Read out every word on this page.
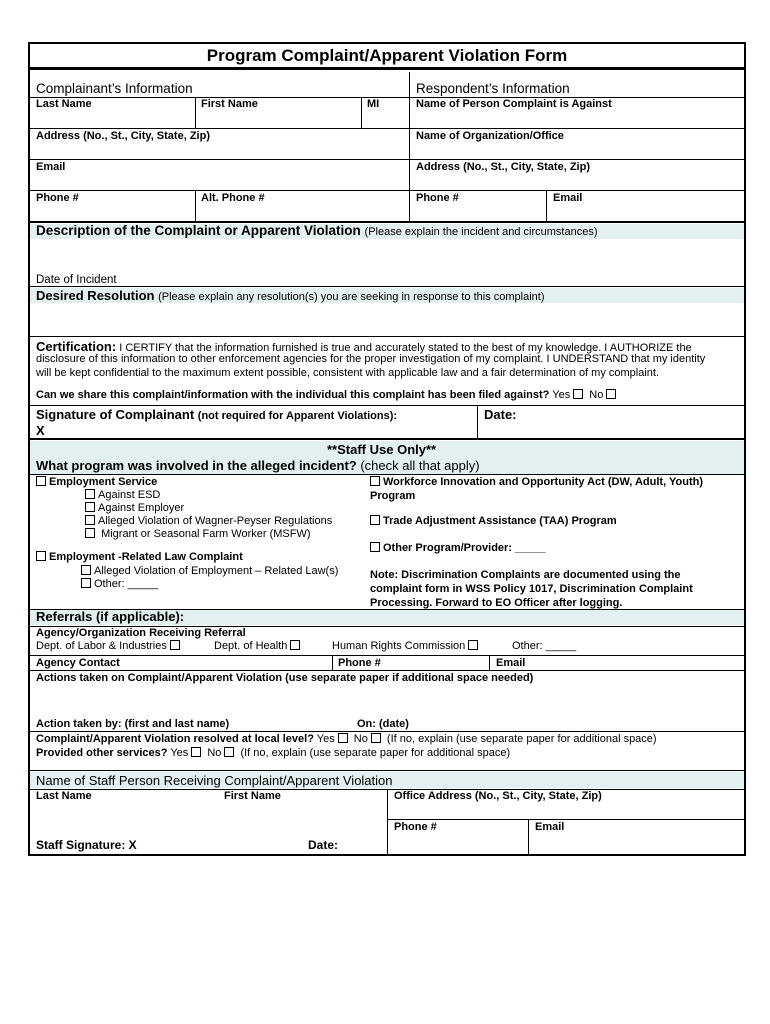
Program Complaint/Apparent Violation Form
Complainant’s Information	Respondent’s Information
Last Name	First Name	MI	Name of Person Complaint is Against
Address (No., St., City, State, Zip)	Name of Organization/Office
Email	Address (No., St., City, State, Zip)
Phone #	Alt. Phone #	Phone #	Email
Description of the Complaint or Apparent Violation (Please explain the incident and circumstances)
Date of Incident
Desired Resolution (Please explain any resolution(s) you are seeking in response to this complaint)
Certification: I CERTIFY that the information furnished is true and accurately stated to the best of my knowledge. I AUTHORIZE the
disclosure of this information to other enforcement agencies for the proper investigation of my complaint. I UNDERSTAND that my identity
will be kept confidential to the maximum extent possible, consistent with applicable law and a fair determination of my complaint.
Can we share this complaint/information with the individual this complaint has been filed against? Yes No
Signature of Complainant (not required for Apparent Violations):
X
Date:
**Staff Use Only**
What program was involved in the alleged incident? (check all that apply)
Employment Service
Against ESD
Against Employer
Alleged Violation of Wagner-Peyser Regulations
Migrant or Seasonal Farm Worker (MSFW)
Employment -Related Law Complaint
Alleged Violation of Employment – Related Law(s)
Other: _____
Workforce Innovation and Opportunity Act (DW, Adult, Youth)
Program
Trade Adjustment Assistance (TAA) Program
Other Program/Provider: _____
Note: Discrimination Complaints are documented using the
complaint form in WSS Policy 1017, Discrimination Complaint
Processing. Forward to EO Officer after logging.
Referrals (if applicable):
Agency/Organization Receiving Referral
Dept. of Labor & Industries	Dept. of Health	Human Rights Commission	Other: _____
Agency Contact	Phone #	Email
Actions taken on Complaint/Apparent Violation (use separate paper if additional space needed)
Action taken by: (first and last name)	On: (date)
Complaint/Apparent Violation resolved at local level? Yes No (If no, explain (use separate paper for additional space)
Provided other services? Yes No (If no, explain (use separate paper for additional space)
Name of Staff Person Receiving Complaint/Apparent Violation
Last Name	First Name	Office Address (No., St., City, State, Zip)
Phone #	Email
Staff Signature: X	Date:
